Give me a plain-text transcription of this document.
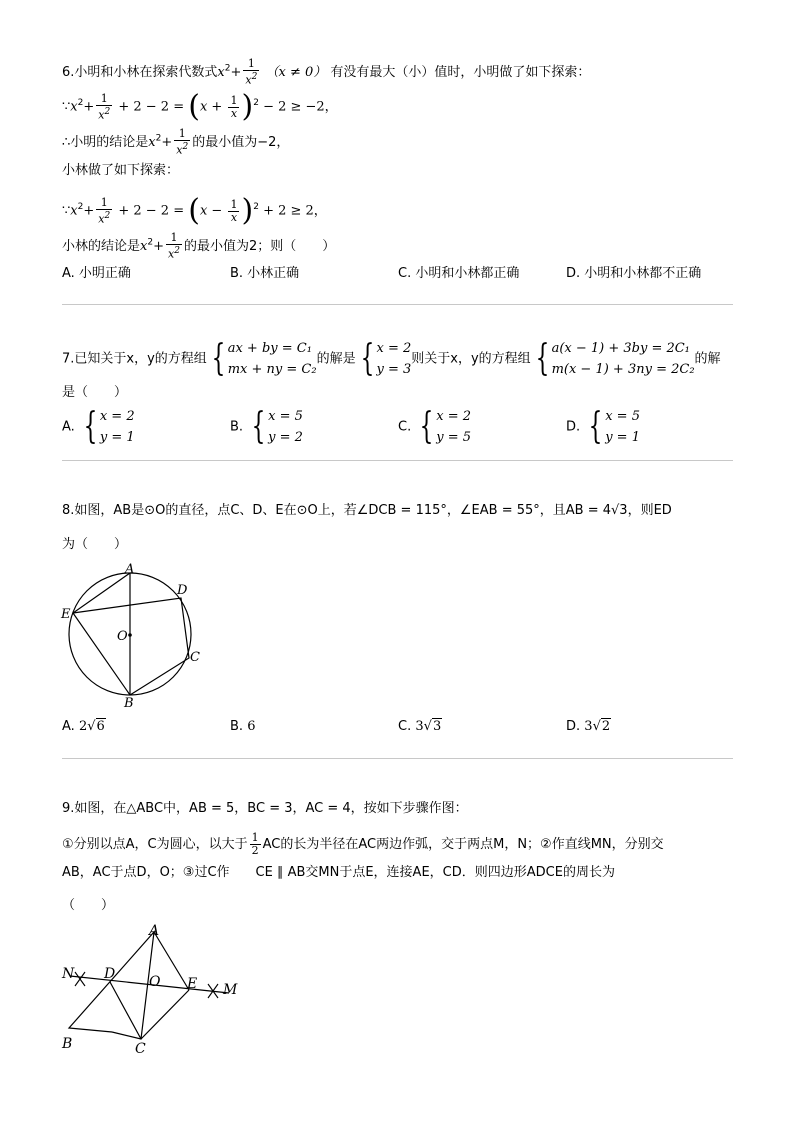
6.小明和小林在探索代数式$x^2+ \frac{1}{x^2} (x \ne 0)$ 有没有最大（小）值时，小明做了如下探索：
$\because x^2+ \frac{1}{x^2} + 2 - 2 = (x + \frac{1}{x} )^2 - 2 \ge -2$，
∴小明的结论是$x^2+ \frac{1}{x^2}$ 的最小值为−2，
小林做了如下探索：
$\because x^2+ \frac{1}{x^2} + 2 - 2 = (x - \frac{1}{x} )^2 + 2 \ge 2$，
小林的结论是$x^2+ \frac{1}{x^2}$ 的最小值为2；则（　　）
A. 小明正确	B. 小林正确	C. 小明和小林都正确	D. 小明和小林都不正确
7.已知关于x，y的方程组 { ax + by = C₁
mx + ny = C₂
的解是 { x = 2
y = 3
则关于x，y的方程组 { a(x − 1) + 3by = 2C₁
m(x − 1) + 3ny = 2C₂
的解
是（　　）
A. { x = 2
y = 1
B. { x = 5
y = 2
C. { x = 2
y = 5
D. { x = 5
y = 1
8.如图，AB是⊙O的直径，点C、D、E在⊙O上，若∠DCB = 115°，∠EAB = 55°，且AB = 4√3，则ED
为（　　）
A
B
C
D
E
O
A. 2√6	B. 6	C. 3√3	D. 3√2
9.如图，在△ABC中，AB = 5，BC = 3，AC = 4，按如下步骤作图：
①分别以点A，C为圆心，以大于 $\frac{1}{2}$ AC的长为半径在AC两边作弧，交于两点M，N；②作直线MN，分别交
AB，AC于点D，O；③过C作　　CE ∥ AB交MN于点E，连接AE，CD．则四边形ADCE的周长为
（　　）
A
B	C
D
E
O	M
N
